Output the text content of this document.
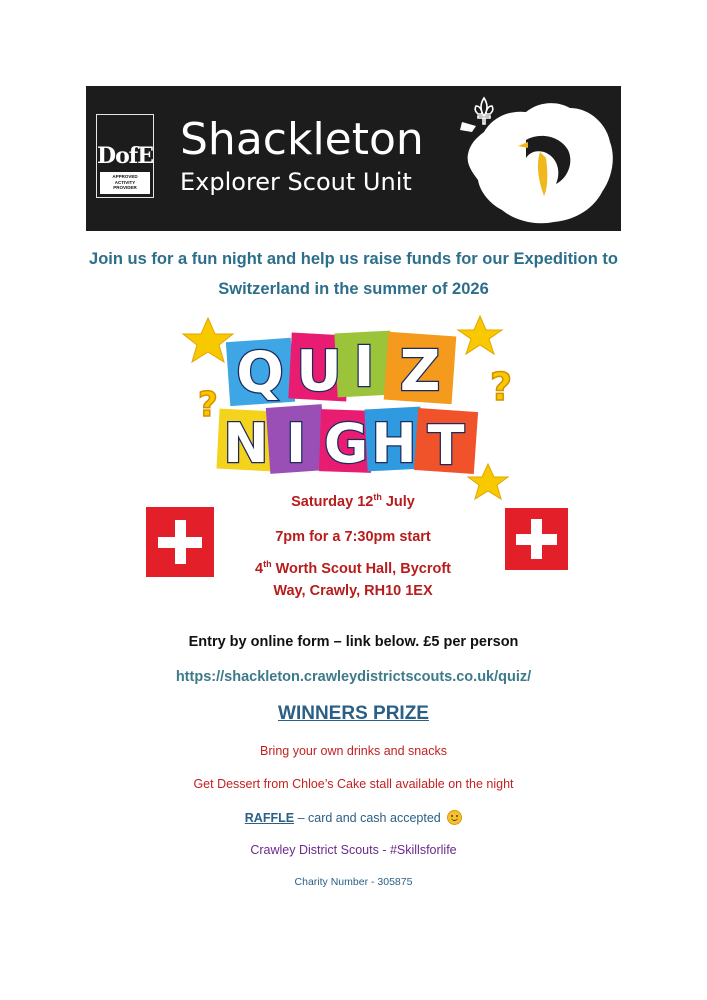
DofE
APPROVED
ACTIVITY
PROVIDER
Shackleton
Explorer Scout Unit
Join us for a fun night and help us raise funds for our Expedition to
Switzerland in the summer of 2026
?	?
Q U I Z
N I G H T
Saturday 12th July
7pm for a 7:30pm start
4th Worth Scout Hall, Bycroft
Way, Crawly, RH10 1EX
Entry by online form – link below. £5 per person
https://shackleton.crawleydistrictscouts.co.uk/quiz/
WINNERS PRIZE
Bring your own drinks and snacks
Get Dessert from Chloe’s Cake stall available on the night
RAFFLE – card and cash accepted
Crawley District Scouts - #Skillsforlife
Charity Number - 305875
